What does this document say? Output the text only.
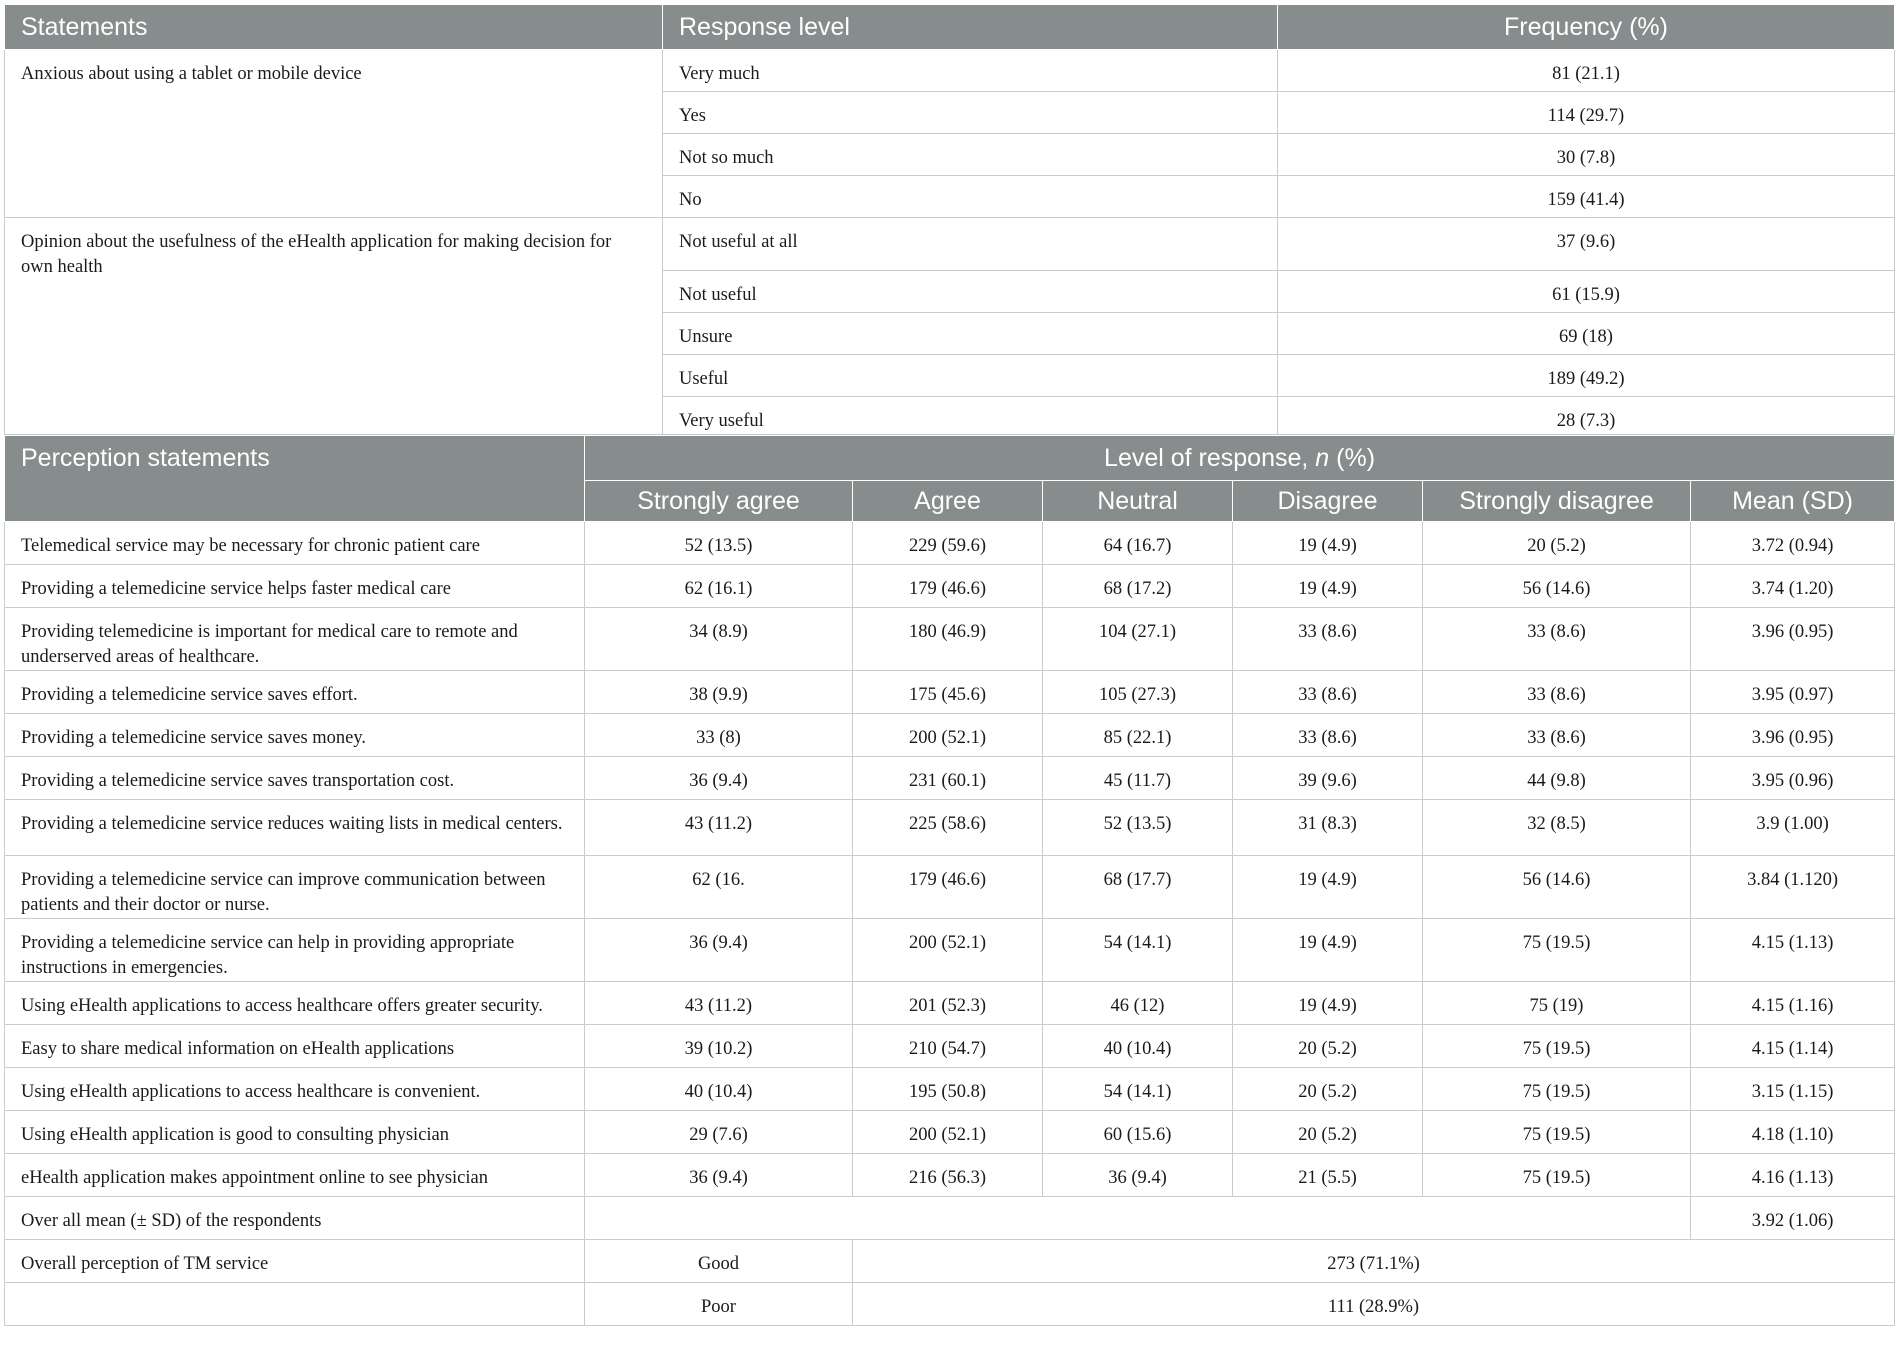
Statements	Response level	Frequency (%)
Anxious about using a tablet or mobile device	Very much	81 (21.1)
	Yes	114 (29.7)
	Not so much	30 (7.8)
	No	159 (41.4)
Opinion about the usefulness of the eHealth application for making decision for own health	Not useful at all	37 (9.6)
	Not useful	61 (15.9)
	Unsure	69 (18)
	Useful	189 (49.2)
	Very useful	28 (7.3)
Perception statements	Level of response, n (%)					
	Strongly agree	Agree	Neutral	Disagree	Strongly disagree	Mean (SD)
Telemedical service may be necessary for chronic patient care	52 (13.5)	229 (59.6)	64 (16.7)	19 (4.9)	20 (5.2)	3.72 (0.94)
Providing a telemedicine service helps faster medical care	62 (16.1)	179 (46.6)	68 (17.2)	19 (4.9)	56 (14.6)	3.74 (1.20)
Providing telemedicine is important for medical care to remote and underserved areas of healthcare.	34 (8.9)	180 (46.9)	104 (27.1)	33 (8.6)	33 (8.6)	3.96 (0.95)
Providing a telemedicine service saves effort.	38 (9.9)	175 (45.6)	105 (27.3)	33 (8.6)	33 (8.6)	3.95 (0.97)
Providing a telemedicine service saves money.	33 (8)	200 (52.1)	85 (22.1)	33 (8.6)	33 (8.6)	3.96 (0.95)
Providing a telemedicine service saves transportation cost.	36 (9.4)	231 (60.1)	45 (11.7)	39 (9.6)	44 (9.8)	3.95 (0.96)
Providing a telemedicine service reduces waiting lists in medical centers.	43 (11.2)	225 (58.6)	52 (13.5)	31 (8.3)	32 (8.5)	3.9 (1.00)
Providing a telemedicine service can improve communication between patients and their doctor or nurse.	62 (16.	179 (46.6)	68 (17.7)	19 (4.9)	56 (14.6)	3.84 (1.120)
Providing a telemedicine service can help in providing appropriate instructions in emergencies.	36 (9.4)	200 (52.1)	54 (14.1)	19 (4.9)	75 (19.5)	4.15 (1.13)
Using eHealth applications to access healthcare offers greater security.	43 (11.2)	201 (52.3)	46 (12)	19 (4.9)	75 (19)	4.15 (1.16)
Easy to share medical information on eHealth applications	39 (10.2)	210 (54.7)	40 (10.4)	20 (5.2)	75 (19.5)	4.15 (1.14)
Using eHealth applications to access healthcare is convenient.	40 (10.4)	195 (50.8)	54 (14.1)	20 (5.2)	75 (19.5)	3.15 (1.15)
Using eHealth application is good to consulting physician	29 (7.6)	200 (52.1)	60 (15.6)	20 (5.2)	75 (19.5)	4.18 (1.10)
eHealth application makes appointment online to see physician	36 (9.4)	216 (56.3)	36 (9.4)	21 (5.5)	75 (19.5)	4.16 (1.13)
Over all mean (± SD) of the respondents						3.92 (1.06)
Overall perception of TM service	Good	273 (71.1%)				
	Poor	111 (28.9%)				
